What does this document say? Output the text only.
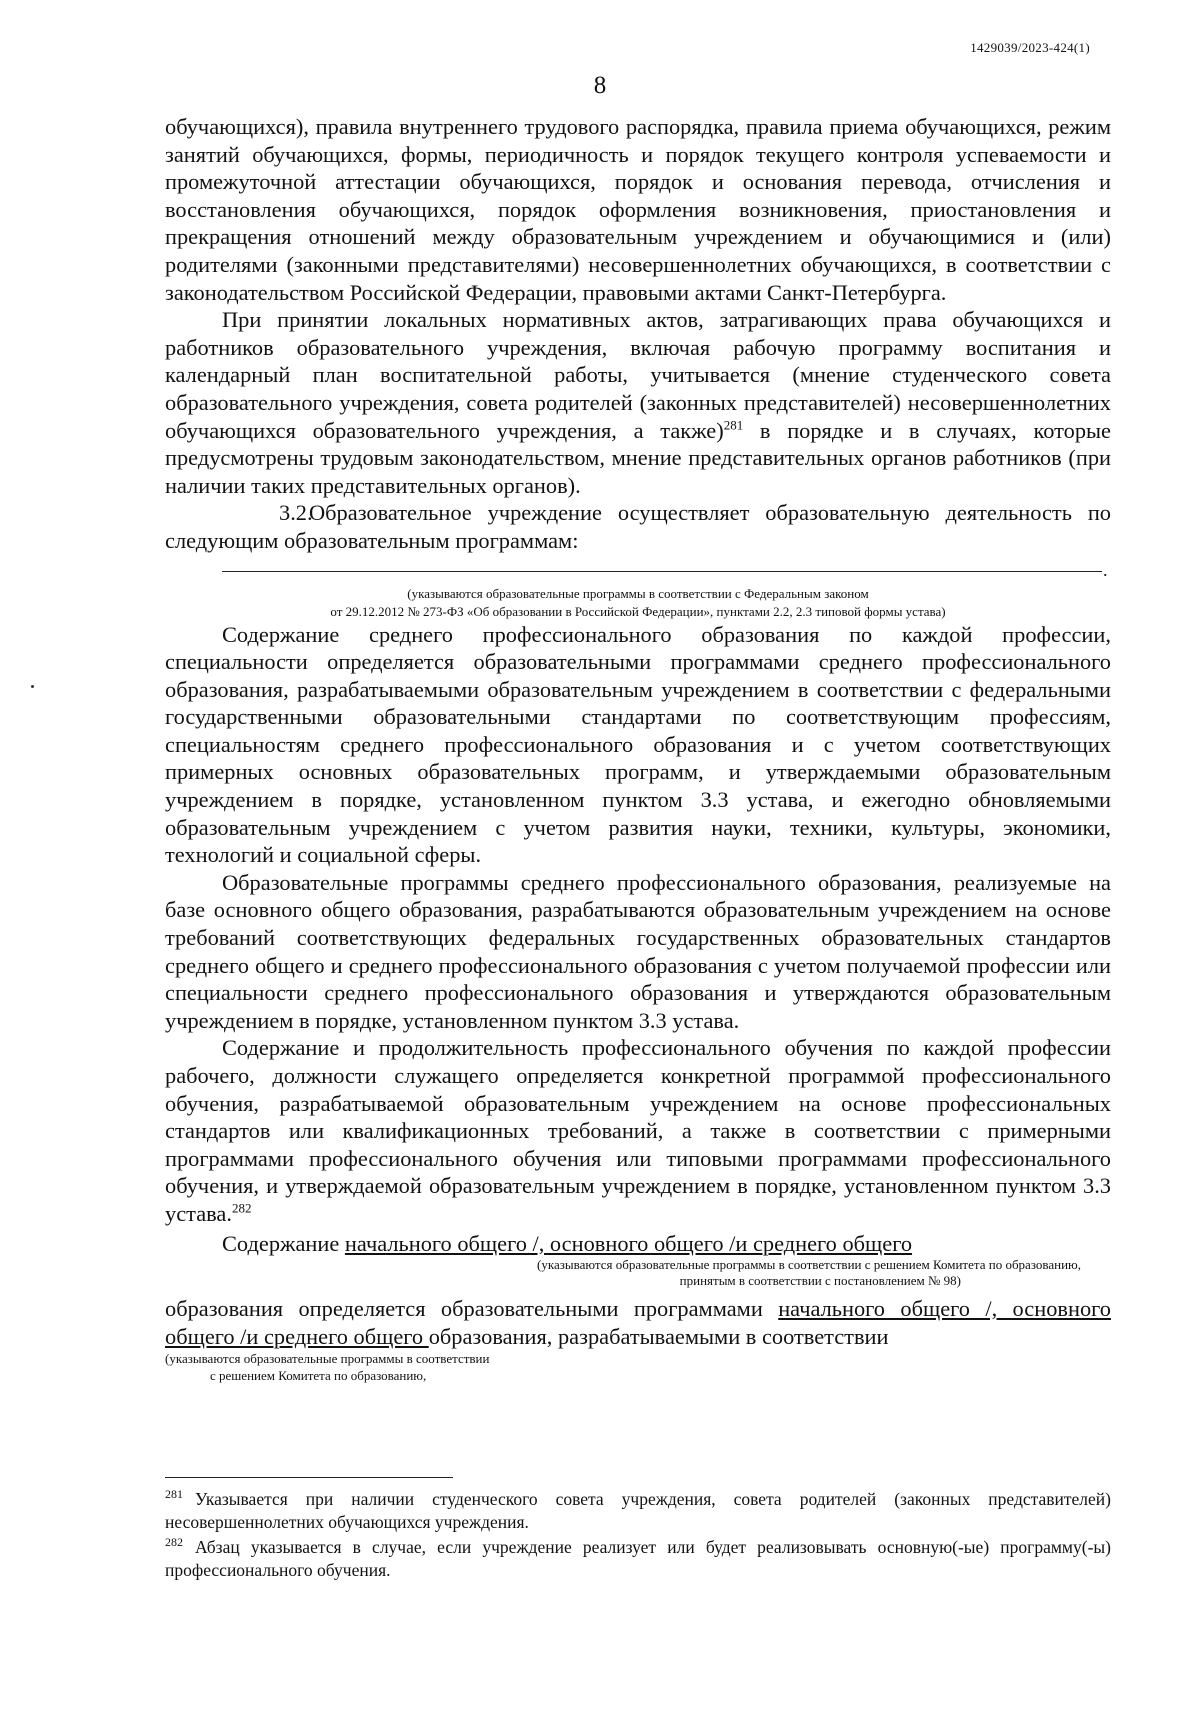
1429039/2023-424(1)
8

обучающихся), правила внутреннего трудового распорядка, правила приема обучающихся, режим занятий обучающихся, формы, периодичность и порядок текущего контроля успеваемости и промежуточной аттестации обучающихся, порядок и основания перевода, отчисления и восстановления обучающихся, порядок оформления возникновения, приостановления и прекращения отношений между образовательным учреждением и обучающимися и (или) родителями (законными представителями) несовершеннолетних обучающихся, в соответствии с законодательством Российской Федерации, правовыми актами Санкт-Петербурга.

При принятии локальных нормативных актов, затрагивающих права обучающихся и работников образовательного учреждения, включая рабочую программу воспитания и календарный план воспитательной работы, учитывается (мнение студенческого совета образовательного учреждения, совета родителей (законных представителей) несовершеннолетних обучающихся образовательного учреждения, а также)$^{281}$ в порядке и в случаях, которые предусмотрены трудовым законодательством, мнение представительных органов работников (при наличии таких представительных органов).

3.2.Образовательное учреждение осуществляет образовательную деятельность по следующим образовательным программам:

.
(указываются образовательные программы в соответствии с Федеральным законом
от 29.12.2012 № 273-ФЗ «Об образовании в Российской Федерации», пунктами 2.2, 2.3 типовой формы устава)

Содержание среднего профессионального образования по каждой профессии, специальности определяется образовательными программами среднего профессионального образования, разрабатываемыми образовательным учреждением в соответствии с федеральными государственными образовательными стандартами по соответствующим профессиям, специальностям среднего профессионального образования и с учетом соответствующих примерных основных образовательных программ, и утверждаемыми образовательным учреждением в порядке, установленном пунктом 3.3 устава, и ежегодно обновляемыми образовательным учреждением с учетом развития науки, техники, культуры, экономики, технологий и социальной сферы.

Образовательные программы среднего профессионального образования, реализуемые на базе основного общего образования, разрабатываются образовательным учреждением на основе требований соответствующих федеральных государственных образовательных стандартов среднего общего и среднего профессионального образования с учетом получаемой профессии или специальности среднего профессионального образования и утверждаются образовательным учреждением в порядке, установленном пунктом 3.3 устава.

Содержание и продолжительность профессионального обучения по каждой профессии рабочего, должности служащего определяется конкретной программой профессионального обучения, разрабатываемой образовательным учреждением на основе профессиональных стандартов или квалификационных требований, а также в соответствии с примерными программами профессионального обучения или типовыми программами профессионального обучения, и утверждаемой образовательным учреждением в порядке, установленном пунктом 3.3 устава.$^{282}$

Содержание начального общего /, основного общего /и среднего общего

(указываются образовательные программы в соответствии с решением Комитета по образованию,
принятым в соответствии с постановлением № 98)

образования определяется образовательными программами начального общего /, основного общего /и среднего общего образования, разрабатываемыми в соответствии

(указываются образовательные программы в соответствии
с решением Комитета по образованию,

$^{281}$ Указывается при наличии студенческого совета учреждения, совета родителей (законных представителей) несовершеннолетних обучающихся учреждения.

$^{282}$ Абзац указывается в случае, если учреждение реализует или будет реализовывать основную(-ые) программу(-ы) профессионального обучения.
